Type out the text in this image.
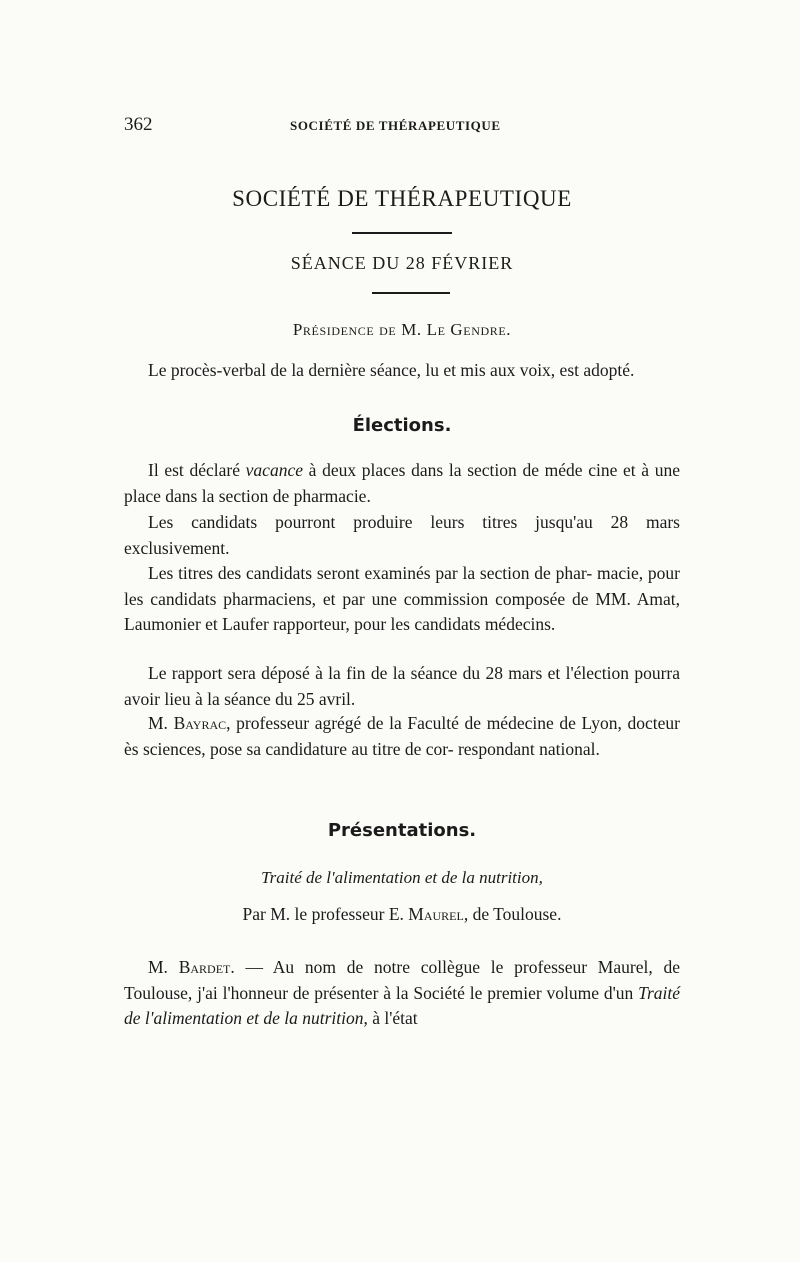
362	SOCIÉTÉ DE THÉRAPEUTIQUE
SOCIÉTÉ DE THÉRAPEUTIQUE
SÉANCE DU 28 FÉVRIER
Présidence de M. Le Gendre.

Le procès-verbal de la dernière séance, lu et mis aux voix, est adopté.

Élections.

Il est déclaré vacance à deux places dans la section de méde cine et à une place dans la section de pharmacie.

Les candidats pourront produire leurs titres jusqu'au 28 mars exclusivement.

Les titres des candidats seront examinés par la section de phar- macie, pour les candidats pharmaciens, et par une commission composée de MM. Amat, Laumonier et Laufer rapporteur, pour les candidats médecins.

Le rapport sera déposé à la fin de la séance du 28 mars et l'élection pourra avoir lieu à la séance du 25 avril.

M. Bayrac, professeur agrégé de la Faculté de médecine de Lyon, docteur ès sciences, pose sa candidature au titre de cor- respondant national.

Présentations.
Traité de l'alimentation et de la nutrition,
Par M. le professeur E. Maurel, de Toulouse.

M. Bardet. — Au nom de notre collègue le professeur Maurel, de Toulouse, j'ai l'honneur de présenter à la Société le premier volume d'un Traité de l'alimentation et de la nutrition, à l'état
